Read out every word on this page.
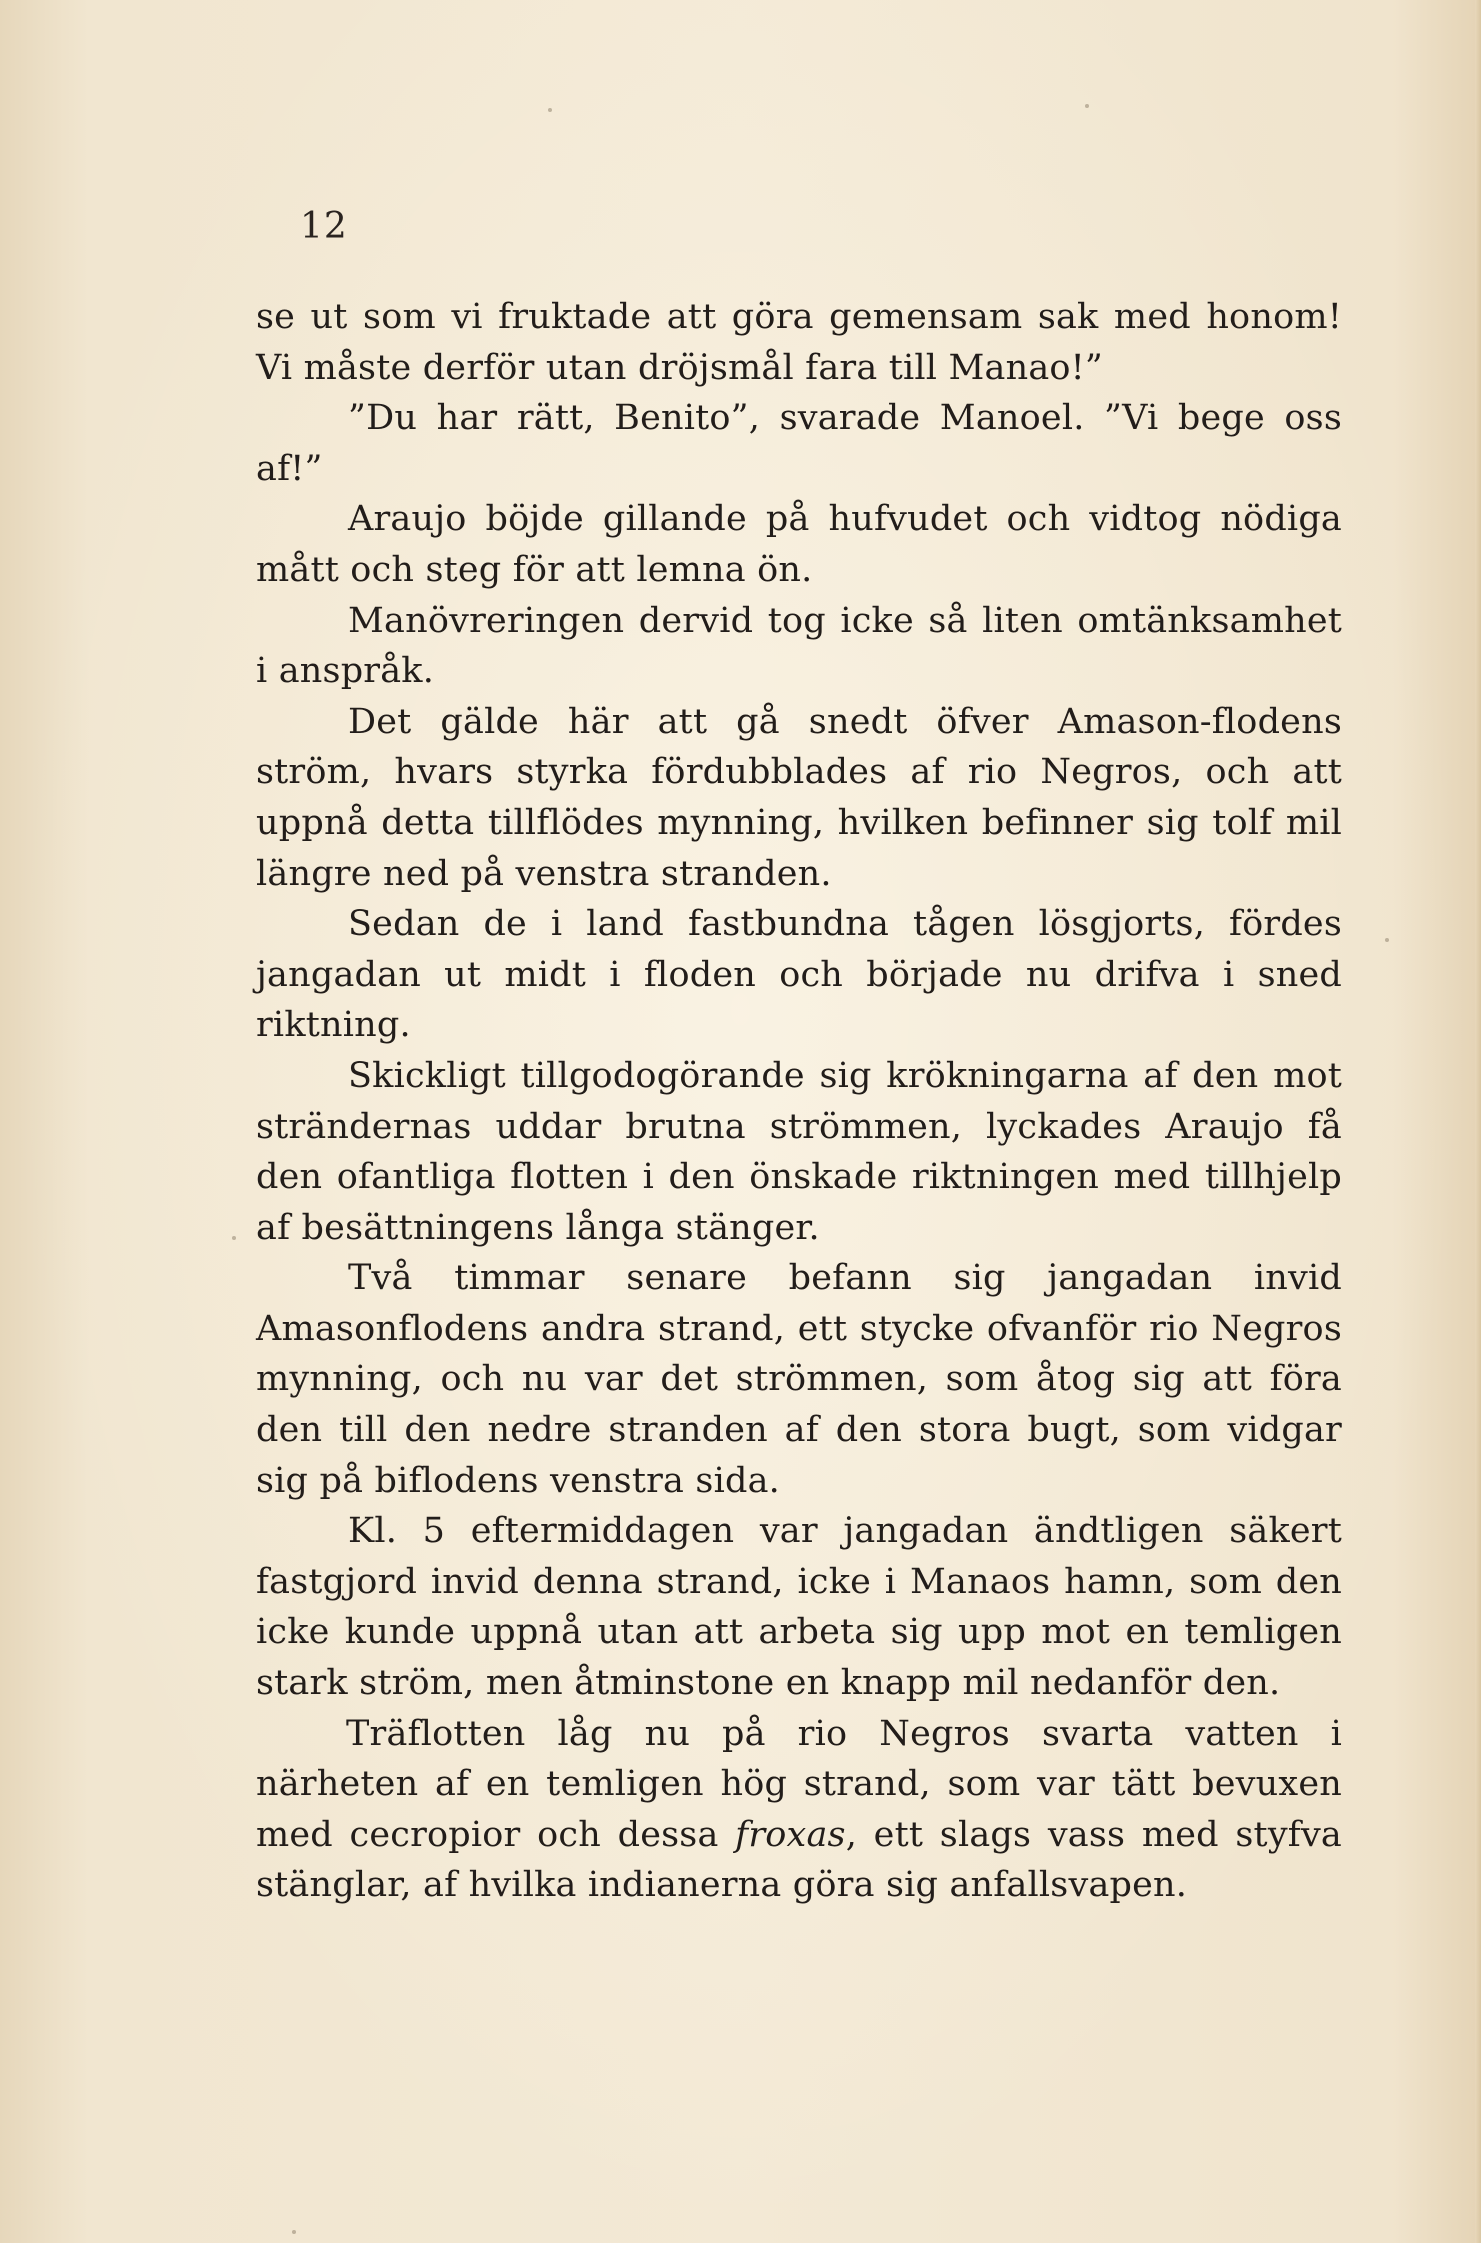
12

se ut som vi fruktade att göra gemensam sak med honom! Vi måste derför utan dröjsmål fara till Manao!”

”Du har rätt, Benito”, svarade Manoel. ”Vi bege oss af!”

Araujo böjde gillande på hufvudet och vidtog nödiga mått och steg för att lemna ön.

Manövreringen dervid tog icke så liten omtänksamhet i anspråk.

Det gälde här att gå snedt öfver Amason-flodens ström, hvars styrka fördubblades af rio Negros, och att uppnå detta tillflödes mynning, hvilken befinner sig tolf mil längre ned på venstra stranden.

Sedan de i land fastbundna tågen lösgjorts, fördes jangadan ut midt i floden och började nu drifva i sned riktning.

Skickligt tillgodogörande sig krökningarna af den mot strändernas uddar brutna strömmen, lyckades Araujo få den ofantliga flotten i den önskade riktningen med tillhjelp af besättningens långa stänger.

Två timmar senare befann sig jangadan invid Amasonflodens andra strand, ett stycke ofvanför rio Negros mynning, och nu var det strömmen, som åtog sig att föra den till den nedre stranden af den stora bugt, som vidgar sig på biflodens venstra sida.

Kl. 5 eftermiddagen var jangadan ändtligen säkert fastgjord invid denna strand, icke i Manaos hamn, som den icke kunde uppnå utan att arbeta sig upp mot en temligen stark ström, men åtminstone en knapp mil nedanför den.

Träflotten låg nu på rio Negros svarta vatten i närheten af en temligen hög strand, som var tätt bevuxen med cecropior och dessa froxas, ett slags vass med styfva stänglar, af hvilka indianerna göra sig anfallsvapen.
